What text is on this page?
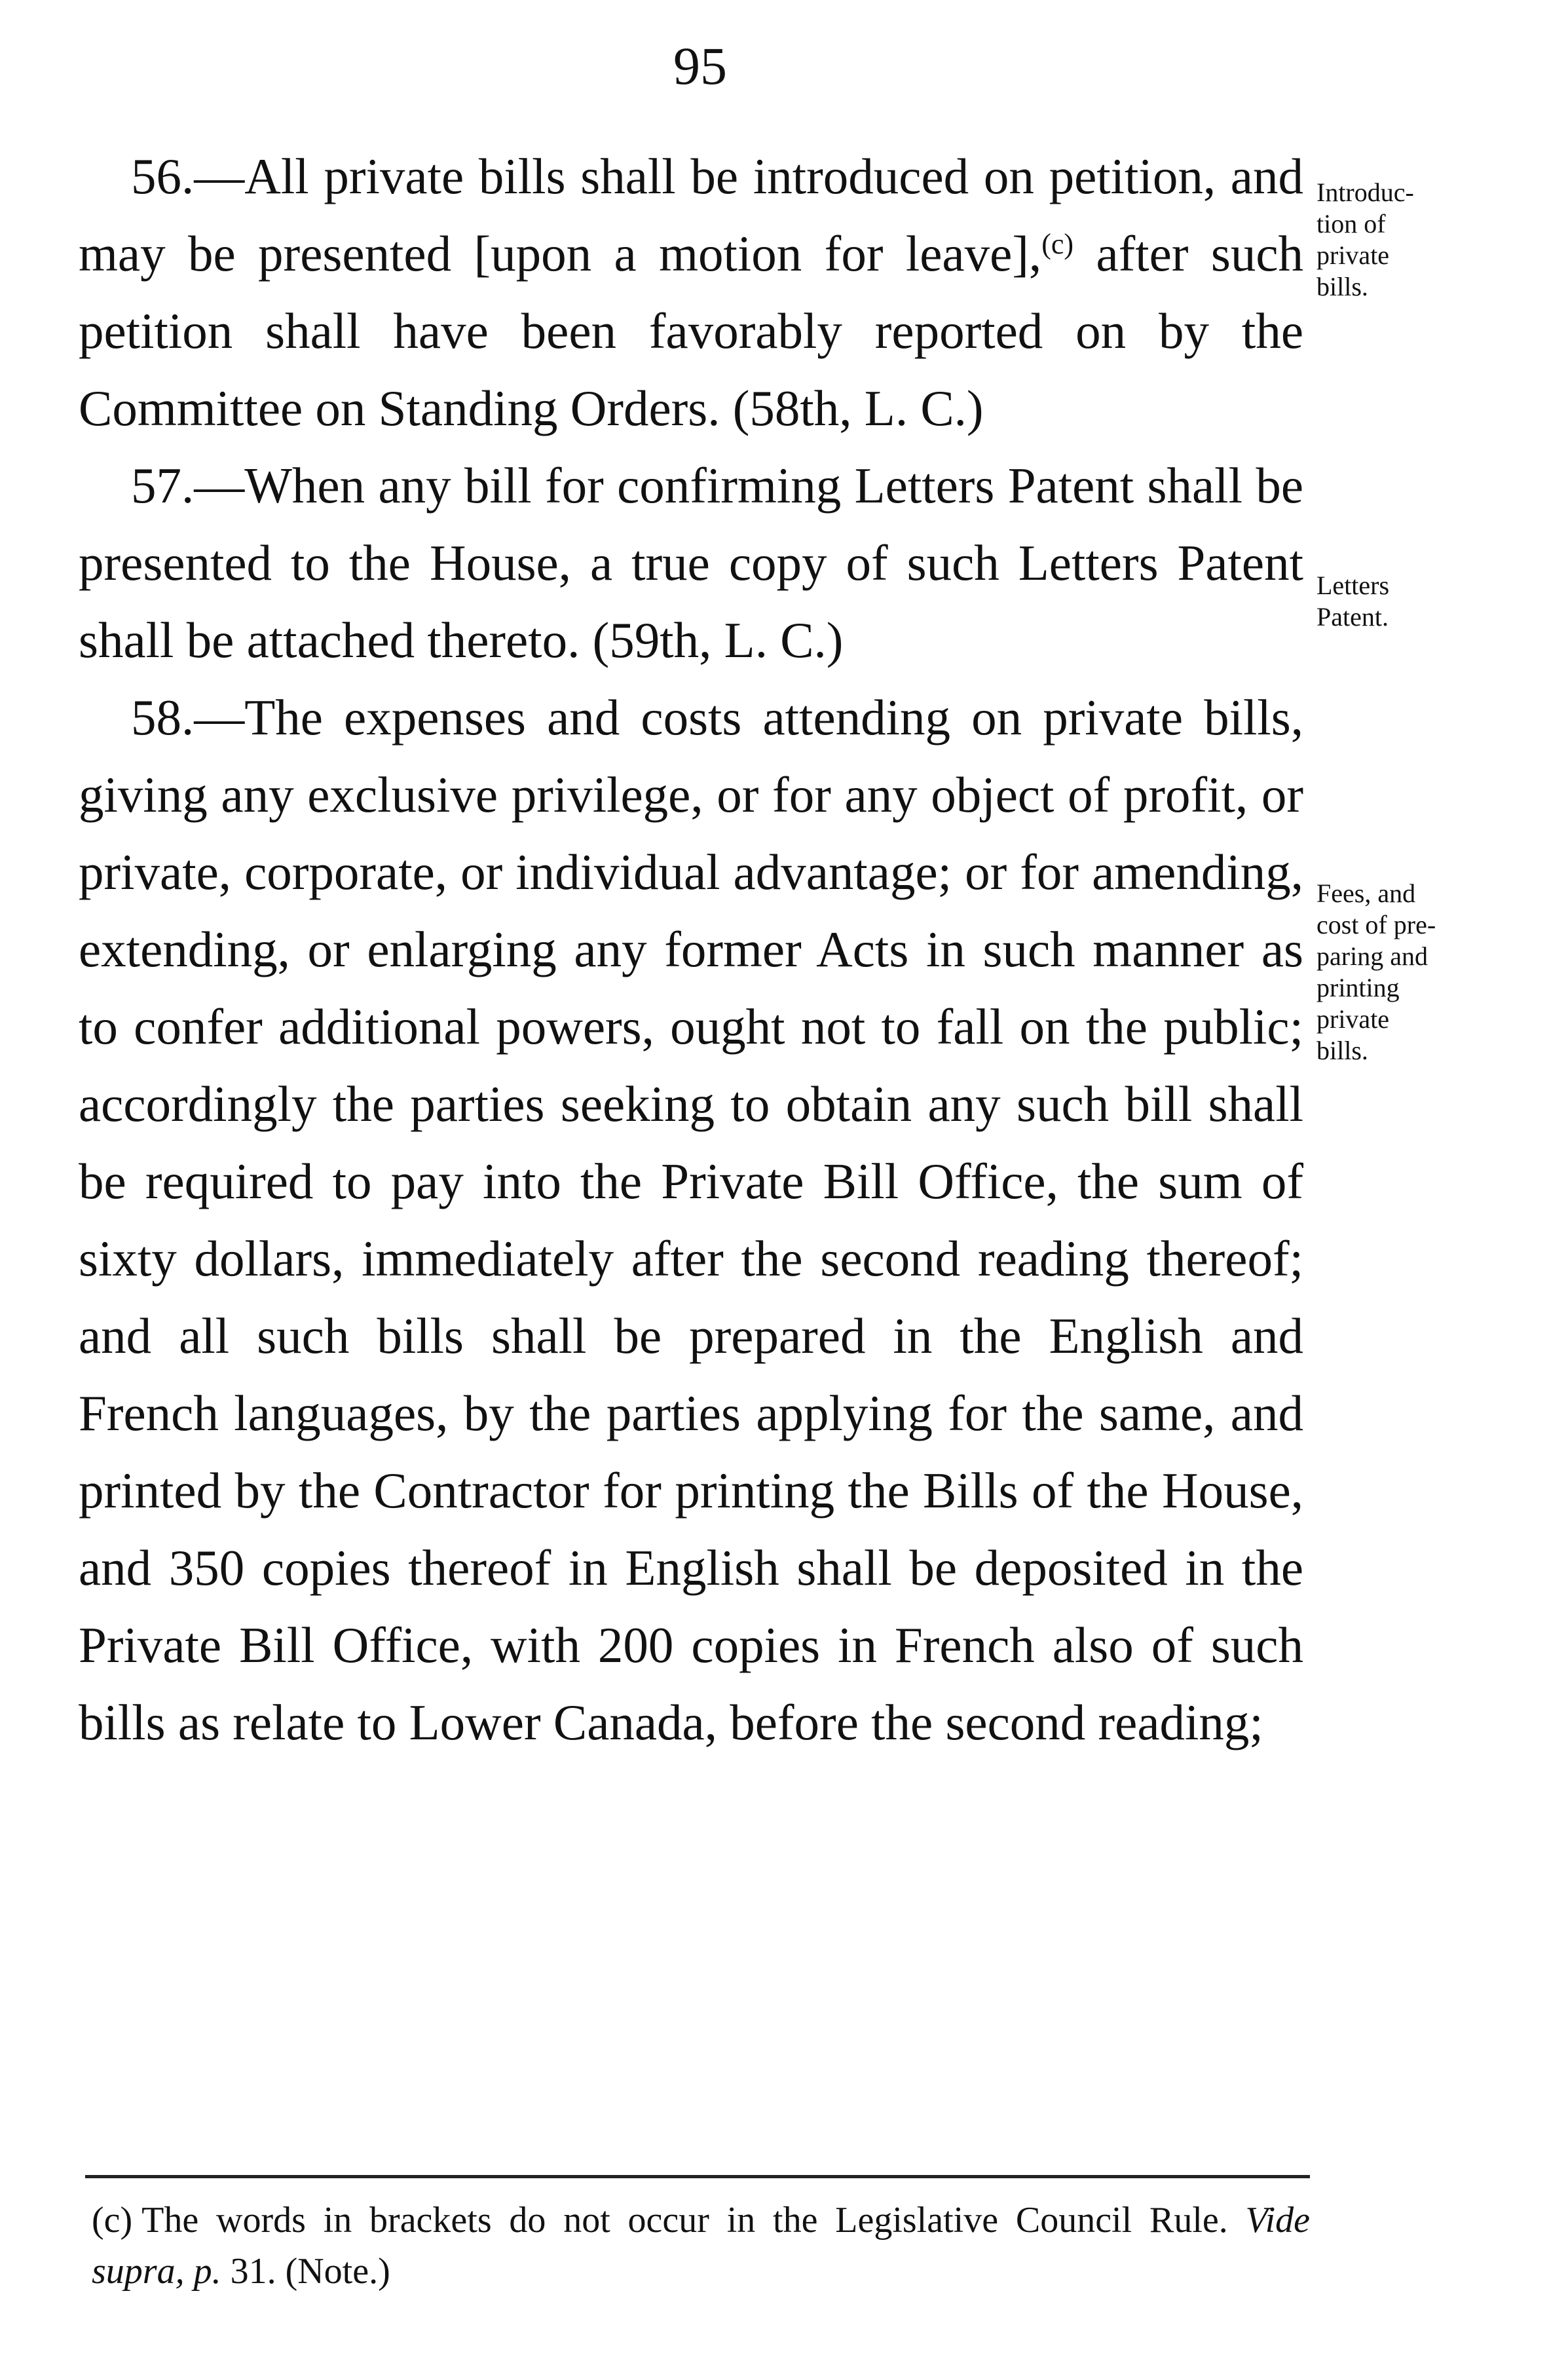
95

56.—All private bills shall be introduced on petition, and may be presented [upon a motion for leave],$^{(c)}$ after such petition shall have been favorably reported on by the Committee on Standing Orders. (58th, L. C.)

57.—When any bill for confirming Letters Patent shall be presented to the House, a true copy of such Letters Patent shall be attached thereto. (59th, L. C.)

58.—The expenses and costs attending on private bills, giving any exclusive privilege, or for any object of profit, or private, corporate, or individual advantage; or for amending, extending, or enlarging any former Acts in such manner as to confer additional powers, ought not to fall on the public; accordingly the parties seeking to obtain any such bill shall be required to pay into the Private Bill Office, the sum of sixty dollars, immediately after the second reading thereof; and all such bills shall be prepared in the English and French languages, by the parties applying for the same, and printed by the Contractor for printing the Bills of the House, and 350 copies thereof in English shall be deposited in the Private Bill Office, with 200 copies in French also of such bills as relate to Lower Canada, before the second reading;

Introduc-
tion of
private
bills.
Letters
Patent.
Fees, and
cost of pre-
paring and
printing
private
bills.
(c) The words in brackets do not occur in the Legislative Council Rule. Vide supra, p. 31. (Note.)
